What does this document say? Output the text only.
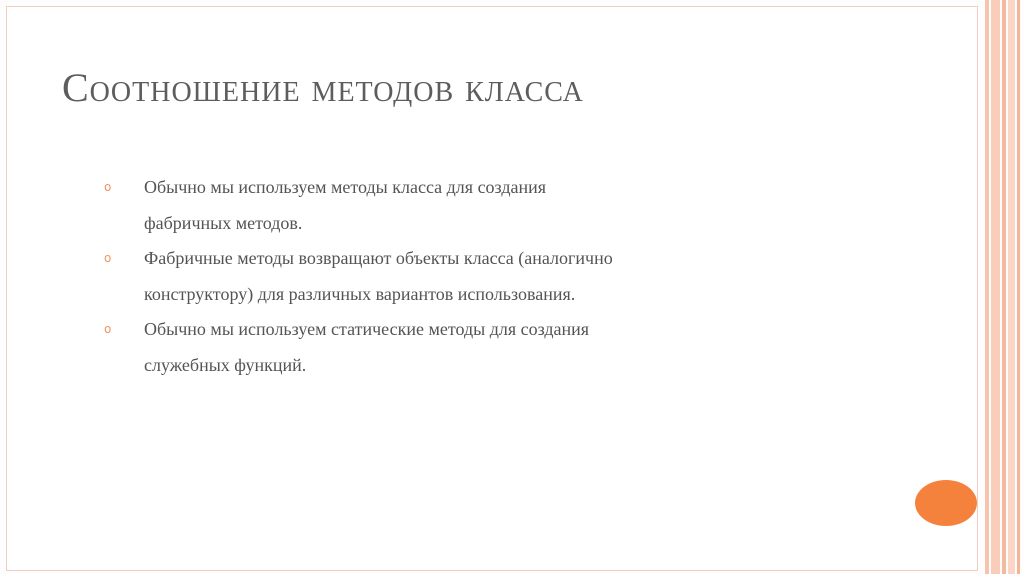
Соотношение методов класса
o Обычно мы используем методы класса для создания фабричных методов.
o Фабричные методы возвращают объекты класса (аналогично конструктору) для различных вариантов использования.
o Обычно мы используем статические методы для создания служебных функций.
